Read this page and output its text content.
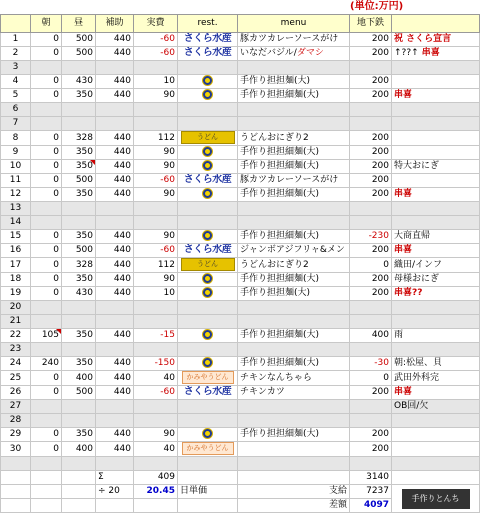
(単位:万円)
	朝	昼	補助	実費	rest.	menu	地下鉄	
1	0	500	440	-60	さくら水産	豚カツカレーソースがけ	200	祝 さくら宣言
2	0	500	440	-60	さくら水産	いなだバジル/ダマシ	200	↑??↑ 串喜
3								
4	0	430	440	10		手作り担担麺(大)	200	
5	0	350	440	90		手作り担担細麺(大)	200	串喜
6								
7								
8	0	328	440	112	うどん	うどんおにぎり2	200	
9	0	350	440	90		手作り担担細麺(大)	200	
10	0	350	440	90		手作り担担細麺(大)	200	特大おにぎ
11	0	500	440	-60	さくら水産	豚カツカレーソースがけ	200	
12	0	350	440	90		手作り担担細麺(大)	200	串喜
13								
14								
15	0	350	440	90		手作り担担細麺(大)	-230	大商直帰
16	0	500	440	-60	さくら水産	ジャンボアジフリャ&メン	200	串喜
17	0	328	440	112	うどん	うどんおにぎり2	0	織田/インフ
18	0	350	440	90		手作り担担細麺(大)	200	母様おにぎ
19	0	430	440	10		手作り担担麺(大)	200	串喜??
20								
21								
22	105	350	440	-15		手作り担担細麺(大)	400	雨
23								
24	240	350	440	-150		手作り担担細麺(大)	-30	朝:松屋、貝
25	0	400	440	40	かみやうどん	チキンなんちゃら	0	武田外科完
26	0	500	440	-60	さくら水産	チキンカツ	200	串喜
27								OB回/欠
28								
29	0	350	440	90		手作り担担細麺(大)	200	
30	0	400	440	40	かみやうどん		200	

			Σ	409			3140	
			÷ 20	20.45	日単価	支給	7237	手作りとんち
						差額	4097	
